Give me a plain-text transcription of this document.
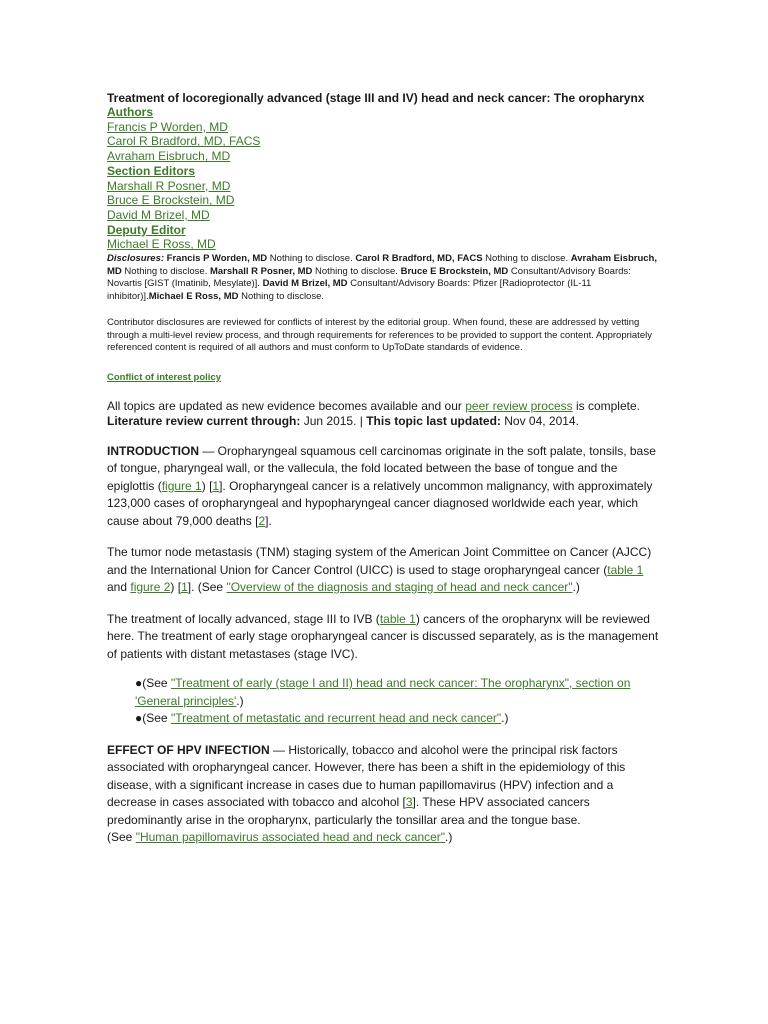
Treatment of locoregionally advanced (stage III and IV) head and neck cancer: The oropharynx
Authors
Francis P Worden, MD
Carol R Bradford, MD, FACS
Avraham Eisbruch, MD
Section Editors
Marshall R Posner, MD
Bruce E Brockstein, MD
David M Brizel, MD
Deputy Editor
Michael E Ross, MD
Disclosures: Francis P Worden, MD Nothing to disclose. Carol R Bradford, MD, FACS Nothing to disclose. Avraham Eisbruch, MD Nothing to disclose. Marshall R Posner, MD Nothing to disclose. Bruce E Brockstein, MD Consultant/Advisory Boards: Novartis [GIST (Imatinib, Mesylate)]. David M Brizel, MD Consultant/Advisory Boards: Pfizer [Radioprotector (IL-11 inhibitor)].Michael E Ross, MD Nothing to disclose.
Contributor disclosures are reviewed for conflicts of interest by the editorial group. When found, these are addressed by vetting through a multi-level review process, and through requirements for references to be provided to support the content. Appropriately referenced content is required of all authors and must conform to UpToDate standards of evidence.
Conflict of interest policy

All topics are updated as new evidence becomes available and our peer review process is complete.

Literature review current through: Jun 2015. | This topic last updated: Nov 04, 2014.

INTRODUCTION — Oropharyngeal squamous cell carcinomas originate in the soft palate, tonsils, base of tongue, pharyngeal wall, or the vallecula, the fold located between the base of tongue and the epiglottis (figure 1) [1]. Oropharyngeal cancer is a relatively uncommon malignancy, with approximately 123,000 cases of oropharyngeal and hypopharyngeal cancer diagnosed worldwide each year, which cause about 79,000 deaths [2].

The tumor node metastasis (TNM) staging system of the American Joint Committee on Cancer (AJCC) and the International Union for Cancer Control (UICC) is used to stage oropharyngeal cancer (table 1 and figure 2) [1]. (See "Overview of the diagnosis and staging of head and neck cancer".)

The treatment of locally advanced, stage III to IVB (table 1) cancers of the oropharynx will be reviewed here. The treatment of early stage oropharyngeal cancer is discussed separately, as is the management of patients with distant metastases (stage IVC).

●(See "Treatment of early (stage I and II) head and neck cancer: The oropharynx", section on 'General principles'.)

●(See "Treatment of metastatic and recurrent head and neck cancer".)

EFFECT OF HPV INFECTION — Historically, tobacco and alcohol were the principal risk factors associated with oropharyngeal cancer. However, there has been a shift in the epidemiology of this disease, with a significant increase in cases due to human papillomavirus (HPV) infection and a decrease in cases associated with tobacco and alcohol [3]. These HPV associated cancers predominantly arise in the oropharynx, particularly the tonsillar area and the tongue base.
(See "Human papillomavirus associated head and neck cancer".)
